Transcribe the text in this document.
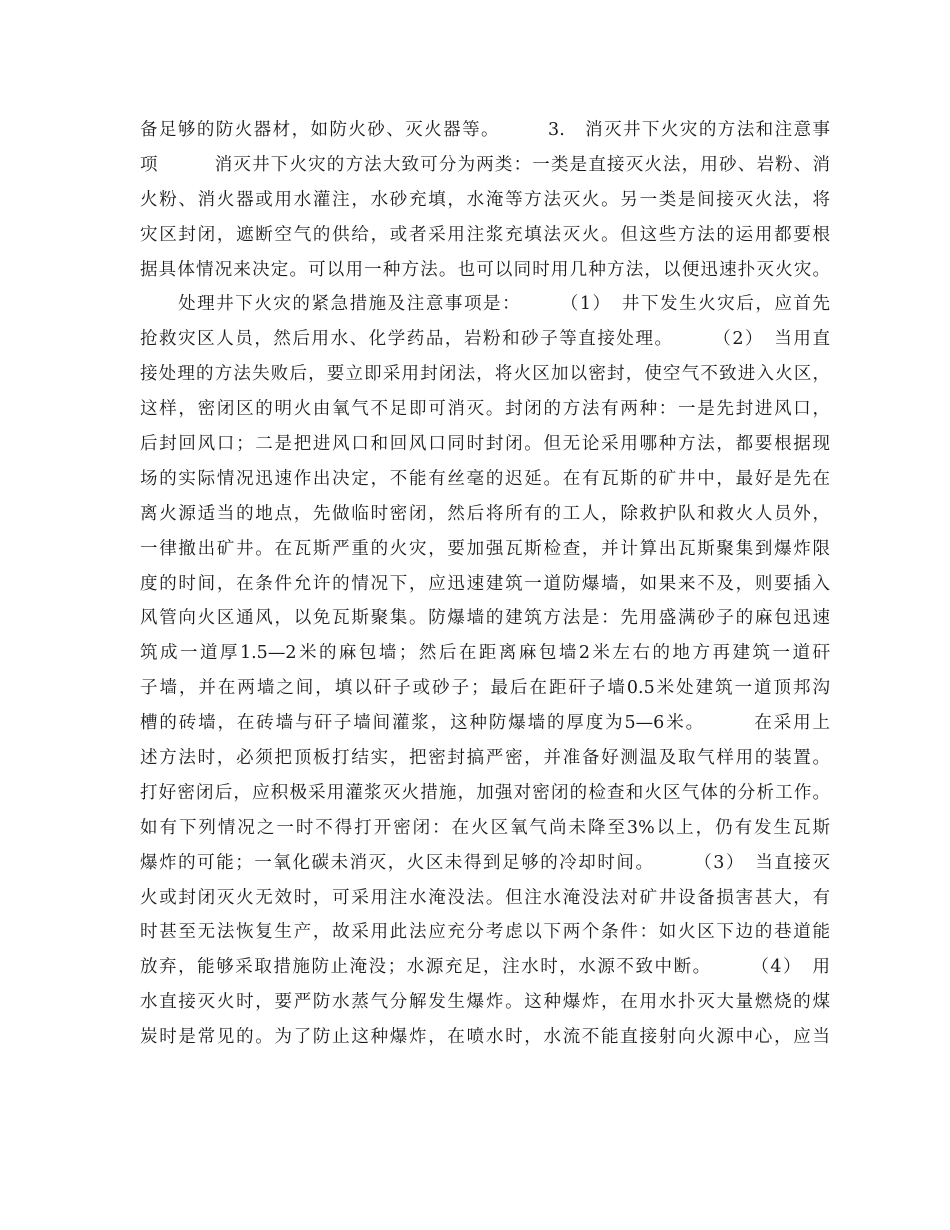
备足够的防火器材，如防火砂、灭火器等。　　　3.　消灭井下火灾的方法和注意事
项　　　消灭井下火灾的方法大致可分为两类：一类是直接灭火法，用砂、岩粉、消
火粉、消火器或用水灌注，水砂充填，水淹等方法灭火。另一类是间接灭火法，将
灾区封闭，遮断空气的供给，或者采用注浆充填法灭火。但这些方法的运用都要根
据具体情况来决定。可以用一种方法。也可以同时用几种方法，以便迅速扑灭火灾。
　　处理井下火灾的紧急措施及注意事项是：　　　（1）　井下发生火灾后，应首先
抢救灾区人员，然后用水、化学药品，岩粉和砂子等直接处理。　　　（2）　当用直
接处理的方法失败后，要立即采用封闭法，将火区加以密封，使空气不致进入火区，
这样，密闭区的明火由氧气不足即可消灭。封闭的方法有两种：一是先封进风口，
后封回风口；二是把进风口和回风口同时封闭。但无论采用哪种方法，都要根据现
场的实际情况迅速作出决定，不能有丝毫的迟延。在有瓦斯的矿井中，最好是先在
离火源适当的地点，先做临时密闭，然后将所有的工人，除救护队和救火人员外，
一律撤出矿井。在瓦斯严重的火灾，要加强瓦斯检查，并计算出瓦斯聚集到爆炸限
度的时间，在条件允许的情况下，应迅速建筑一道防爆墙，如果来不及，则要插入
风管向火区通风，以免瓦斯聚集。防爆墙的建筑方法是：先用盛满砂子的麻包迅速
筑成一道厚1.5—2米的麻包墙；然后在距离麻包墙2米左右的地方再建筑一道矸
子墙，并在两墙之间，填以矸子或砂子；最后在距矸子墙0.5米处建筑一道顶邦沟
槽的砖墙，在砖墙与矸子墙间灌浆，这种防爆墙的厚度为5—6米。　　　在采用上
述方法时，必须把顶板打结实，把密封搞严密，并准备好测温及取气样用的装置。
打好密闭后，应积极采用灌浆灭火措施，加强对密闭的检查和火区气体的分析工作。
如有下列情况之一时不得打开密闭：在火区氧气尚未降至3%以上，仍有发生瓦斯
爆炸的可能；一氧化碳未消灭，火区未得到足够的冷却时间。　　　（3）　当直接灭
火或封闭灭火无效时，可采用注水淹没法。但注水淹没法对矿井设备损害甚大，有
时甚至无法恢复生产，故采用此法应充分考虑以下两个条件：如火区下边的巷道能
放弃，能够采取措施防止淹没；水源充足，注水时，水源不致中断。　　　（4）　用
水直接灭火时，要严防水蒸气分解发生爆炸。这种爆炸，在用水扑灭大量燃烧的煤
炭时是常见的。为了防止这种爆炸，在喷水时，水流不能直接射向火源中心，应当
